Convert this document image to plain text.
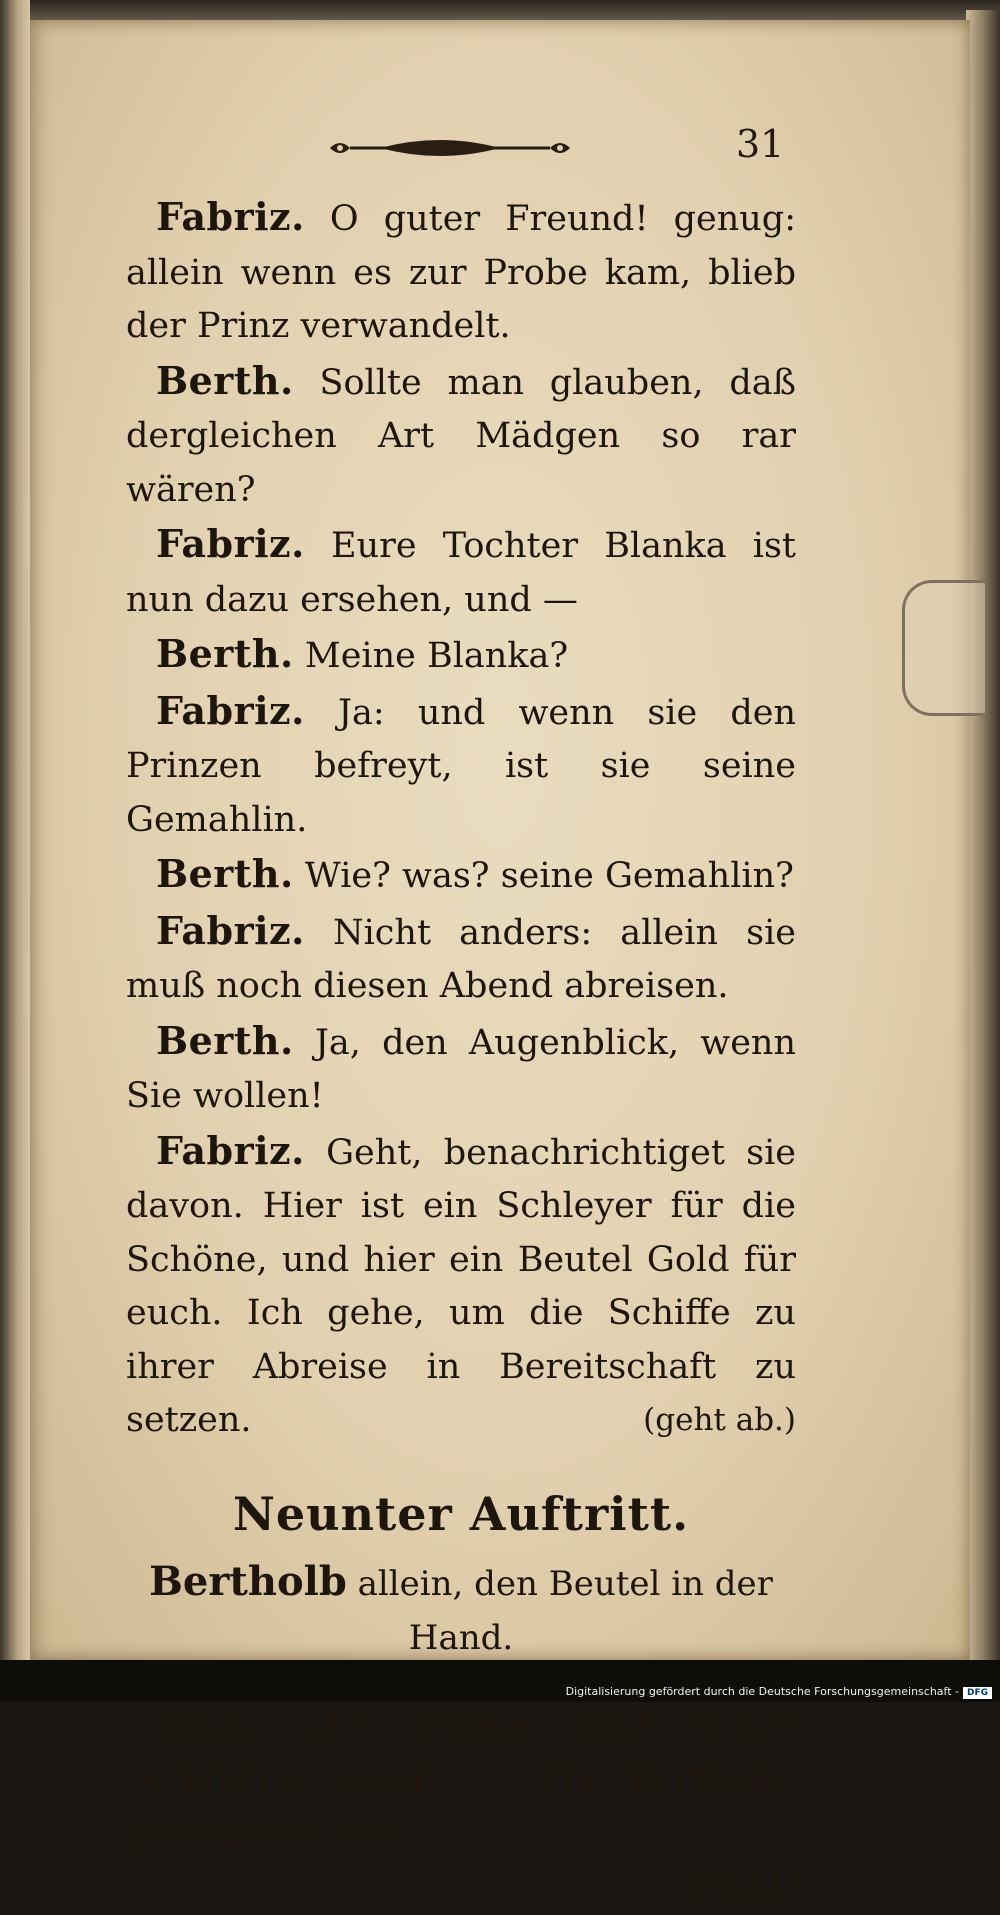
31

Fabriz. O guter Freund! genug: allein wenn es zur Probe kam, blieb der Prinz verwandelt.

Berth. Sollte man glauben, daß dergleichen Art Mädgen so rar wären?

Fabriz. Eure Tochter Blanka ist nun dazu ersehen, und —

Berth. Meine Blanka?

Fabriz. Ja: und wenn sie den Prinzen befreyt, ist sie seine Gemahlin.

Berth. Wie? was? seine Gemahlin?

Fabriz. Nicht anders: allein sie muß noch diesen Abend abreisen.

Berth. Ja, den Augenblick, wenn Sie wollen!

Fabriz. Geht, benachrichtiget sie davon. Hier ist ein Schleyer für die Schöne, und hier ein Beutel Gold für euch. Ich gehe, um die Schiffe zu ihrer Abreise in Bereitschaft zu setzen.	(geht ab.)

Neunter Auftritt.

Bertholb allein, den Beutel in der Hand.

Wach ich? Träum ich? Gold? wirkliches Gold? — Ha Bertholb! glücklicher Ber-

thold!

Digitalisierung gefördert durch die Deutsche Forschungsgemeinschaft - DFG
